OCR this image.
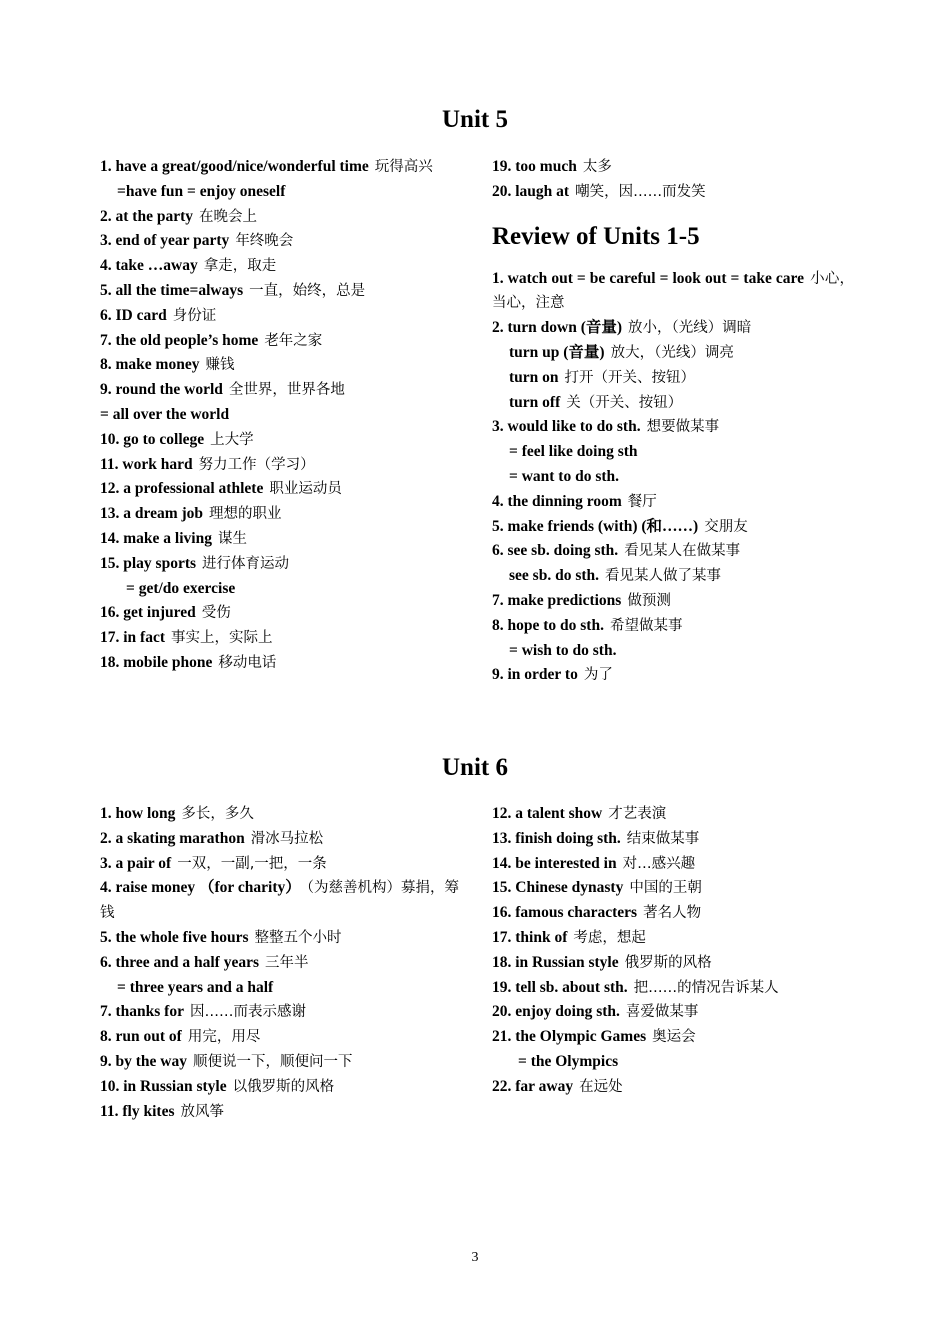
Unit 5
1. have a great/good/nice/wonderful time 玩得高兴
=have fun = enjoy oneself
2. at the party 在晚会上
3. end of year party 年终晚会
4. take …away 拿走，取走
5. all the time=always 一直，始终，总是
6. ID card 身份证
7. the old people’s home 老年之家
8. make money 赚钱
9. round the world 全世界，世界各地
= all over the world
10. go to college 上大学
11. work hard 努力工作（学习）
12. a professional athlete 职业运动员
13. a dream job 理想的职业
14. make a living 谋生
15. play sports 进行体育运动
= get/do exercise
16. get injured 受伤
17. in fact 事实上，实际上
18. mobile phone 移动电话
19. too much 太多
20. laugh at 嘲笑，因……而发笑
Review of Units 1-5
1. watch out = be careful = look out = take care 小心，当心，注意
2. turn down (音量) 放小，（光线）调暗
turn up (音量) 放大，（光线）调亮
turn on 打开（开关、按钮）
turn off 关（开关、按钮）
3. would like to do sth. 想要做某事
= feel like doing sth
= want to do sth.
4. the dinning room 餐厅
5. make friends (with) (和……) 交朋友
6. see sb. doing sth. 看见某人在做某事
see sb. do sth. 看见某人做了某事
7. make predictions 做预测
8. hope to do sth. 希望做某事
= wish to do sth.
9. in order to 为了
Unit 6
1. how long 多长，多久
2. a skating marathon 滑冰马拉松
3. a pair of 一双，一副,一把，一条
4. raise money （for charity） （为慈善机构）募捐，筹钱
5. the whole five hours 整整五个小时
6. three and a half years 三年半
= three years and a half
7. thanks for 因……而表示感谢
8. run out of 用完，用尽
9. by the way 顺便说一下，顺便问一下
10. in Russian style 以俄罗斯的风格
11. fly kites 放风筝
12. a talent show 才艺表演
13. finish doing sth. 结束做某事
14. be interested in 对…感兴趣
15. Chinese dynasty 中国的王朝
16. famous characters 著名人物
17. think of 考虑，想起
18. in Russian style 俄罗斯的风格
19. tell sb. about sth. 把……的情况告诉某人
20. enjoy doing sth. 喜爱做某事
21. the Olympic Games 奥运会
= the Olympics
22. far away 在远处
3
